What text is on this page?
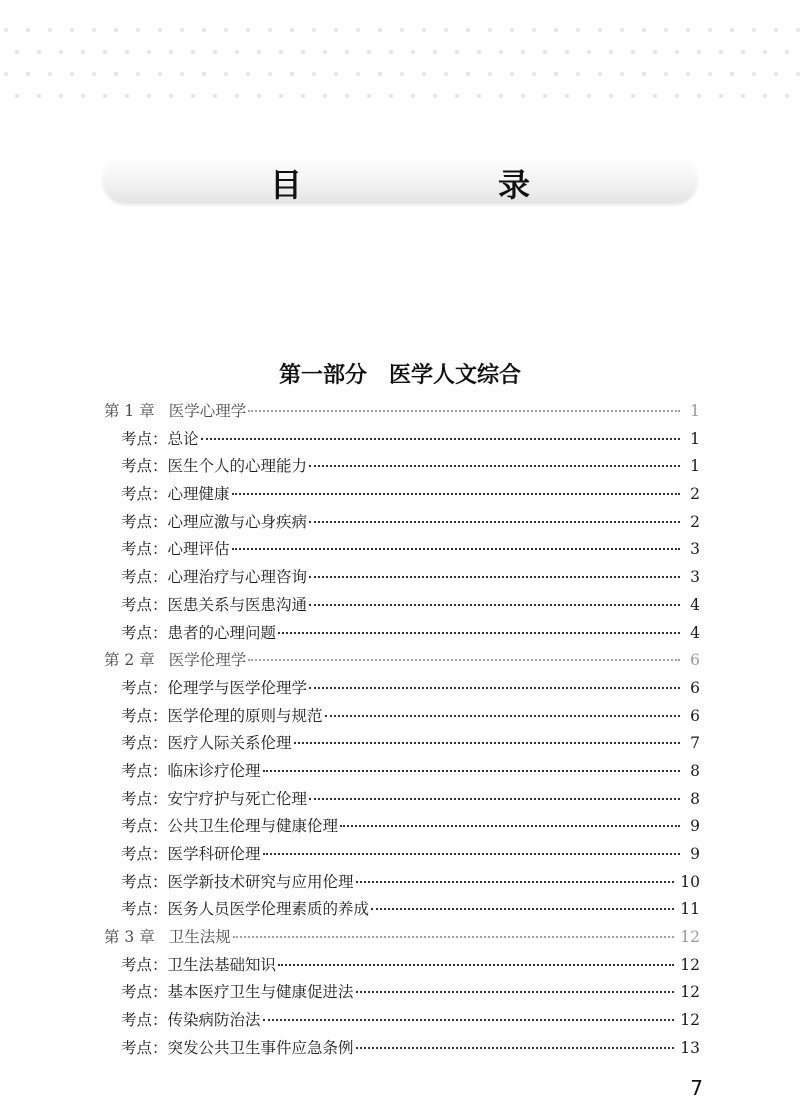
目　　录
第一部分 医学人文综合
第 1 章 医学心理学	1
考点：总论	1
考点：医生个人的心理能力	1
考点：心理健康	2
考点：心理应激与心身疾病	2
考点：心理评估	3
考点：心理治疗与心理咨询	3
考点：医患关系与医患沟通	4
考点：患者的心理问题	4
第 2 章 医学伦理学	6
考点：伦理学与医学伦理学	6
考点：医学伦理的原则与规范	6
考点：医疗人际关系伦理	7
考点：临床诊疗伦理	8
考点：安宁疗护与死亡伦理	8
考点：公共卫生伦理与健康伦理	9
考点：医学科研伦理	9
考点：医学新技术研究与应用伦理	10
考点：医务人员医学伦理素质的养成	11
第 3 章 卫生法规	12
考点：卫生法基础知识	12
考点：基本医疗卫生与健康促进法	12
考点：传染病防治法	12
考点：突发公共卫生事件应急条例	13
7
